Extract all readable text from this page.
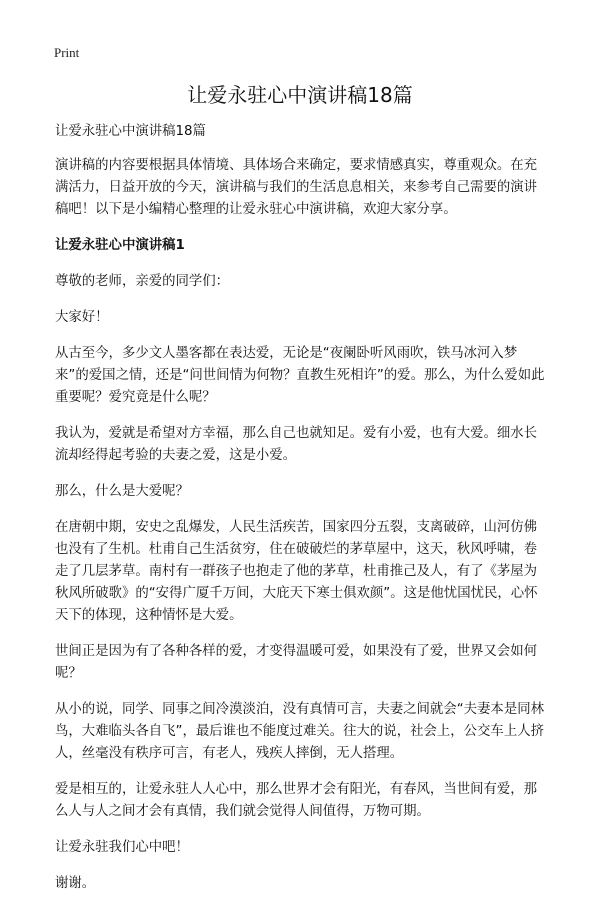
Print
让爱永驻心中演讲稿18篇

让爱永驻心中演讲稿18篇

演讲稿的内容要根据具体情境、具体场合来确定，要求情感真实，尊重观众。在充满活力，日益开放的今天，演讲稿与我们的生活息息相关，来参考自己需要的演讲稿吧！以下是小编精心整理的让爱永驻心中演讲稿，欢迎大家分享。

让爱永驻心中演讲稿1

尊敬的老师，亲爱的同学们：

大家好！

从古至今，多少文人墨客都在表达爱，无论是“夜阑卧听风雨吹，铁马冰河入梦来”的爱国之情，还是“问世间情为何物？直教生死相许”的爱。那么，为什么爱如此重要呢？爱究竟是什么呢？

我认为，爱就是希望对方幸福，那么自己也就知足。爱有小爱，也有大爱。细水长流却经得起考验的夫妻之爱，这是小爱。

那么，什么是大爱呢？

在唐朝中期，安史之乱爆发，人民生活疾苦，国家四分五裂，支离破碎，山河仿佛也没有了生机。杜甫自己生活贫穷，住在破破烂的茅草屋中，这天，秋风呼啸，卷走了几层茅草。南村有一群孩子也抱走了他的茅草，杜甫推己及人，有了《茅屋为秋风所破歌》的“安得广厦千万间，大庇天下寒士俱欢颜”。这是他忧国忧民，心怀天下的体现，这种情怀是大爱。

世间正是因为有了各种各样的爱，才变得温暖可爱，如果没有了爱，世界又会如何呢？

从小的说，同学、同事之间冷漠淡泊，没有真情可言，夫妻之间就会“夫妻本是同林鸟，大难临头各自飞”，最后谁也不能度过难关。往大的说，社会上，公交车上人挤人，丝毫没有秩序可言，有老人，残疾人摔倒，无人搭理。

爱是相互的，让爱永驻人人心中，那么世界才会有阳光，有春风，当世间有爱，那么人与人之间才会有真情，我们就会觉得人间值得，万物可期。

让爱永驻我们心中吧！

谢谢。
